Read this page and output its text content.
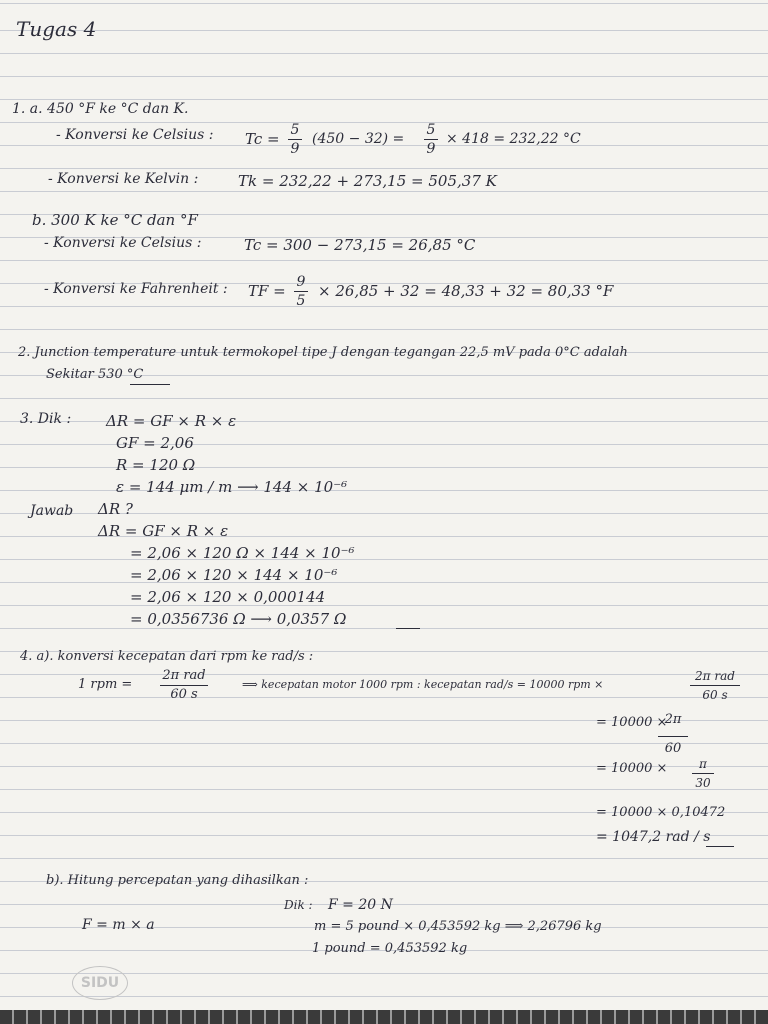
Tugas 4
1. a. 450 °F ke °C dan K.
- Konversi ke Celsius : Tc = 5
9
(450 − 32) =
5
9
× 418 = 232,22 °C
- Konversi ke Kelvin :	Tk = 232,22 + 273,15 = 505,37 K
b. 300 K ke °C dan °F
- Konversi ke Celsius :	Tc = 300 − 273,15 = 26,85 °C
- Konversi ke Fahrenheit : TF = 9
5
× 26,85 + 32 = 48,33 + 32 = 80,33 °F
2. Junction temperature untuk termokopel tipe J dengan tegangan 22,5 mV pada 0°C adalah
Sekitar 530 °C
3. Dik : ΔR = GF × R × ε
GF = 2,06
R = 120 Ω
ε = 144 μm / m ⟶ 144 × 10⁻⁶
Jawab ΔR ?
ΔR = GF × R × ε
= 2,06 × 120 Ω × 144 × 10⁻⁶
= 2,06 × 120 × 144 × 10⁻⁶
= 2,06 × 120 × 0,000144
= 0,0356736 Ω ⟶ 0,0357 Ω
4. a). konversi kecepatan dari rpm ke rad/s :
1 rpm =
2π rad
60 s
⟹ kecepatan motor 1000 rpm : kecepatan rad/s = 10000 rpm ×
2π rad
60 s
= 10000 ×
2π
60
= 10000 ×	π
30
= 10000 × 0,10472
= 1047,2 rad / s
b). Hitung percepatan yang dihasilkan :
Dik : F = 20 N
F = m × a	m = 5 pound × 0,453592 kg ⟹ 2,26796 kg
1 pound = 0,453592 kg
SIDU
